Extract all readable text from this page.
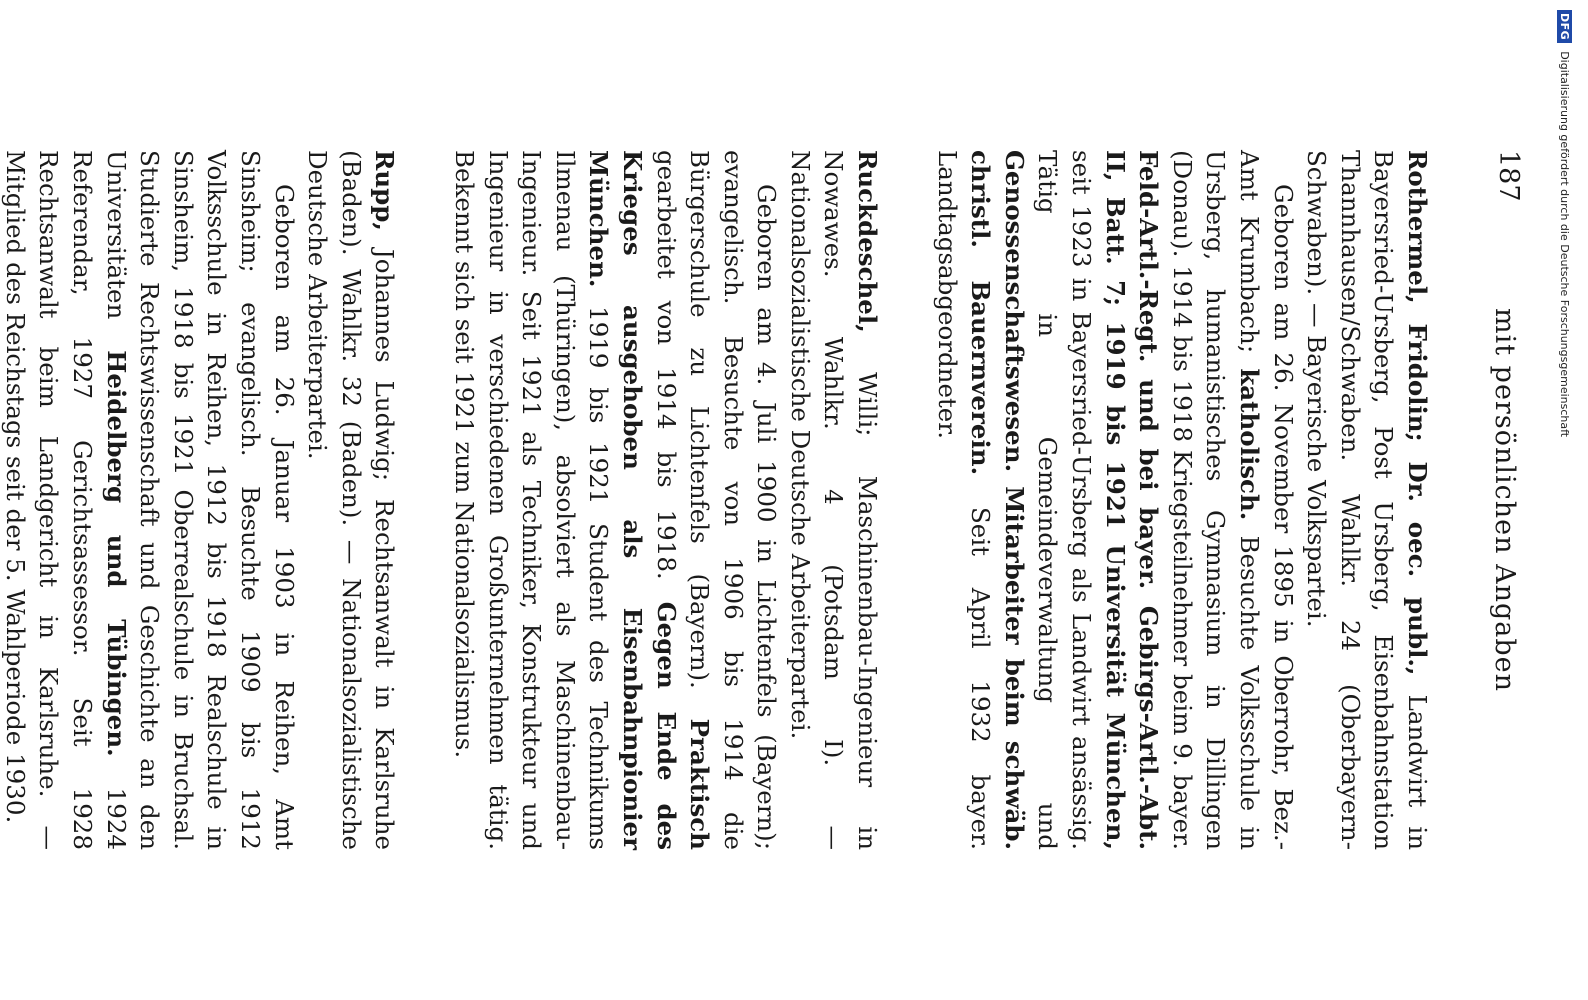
187
mit persönlichen Angaben

Rothermel, Fridolin; Dr. oec. publ., Landwirt in Bayersried-Ursberg, Post Ursberg, Eisenbahnstation Thannhausen/Schwaben. Wahlkr. 24 (Oberbayern-Schwaben). — Bayerische Volkspartei.

Geboren am 26. November 1895 in Oberrohr, Bez.-Amt Krumbach; katholisch. Besuchte Volksschule in Ursberg, humanistisches Gymnasium in Dillingen (Donau). 1914 bis 1918 Kriegsteilnehmer beim 9. bayer. Feld-Artl.-Regt. und bei bayer. Gebirgs-Artl.-Abt. II, Batt. 7; 1919 bis 1921 Universität München, seit 1923 in Bayersried-Ursberg als Landwirt ansässig. Tätig in Gemeindeverwaltung und Genossenschaftswesen. Mitarbeiter beim schwäb. christl. Bauernverein. Seit April 1932 bayer. Landtagsabgeordneter.

Ruckdeschel, Willi; Maschinenbau-Ingenieur in Nowawes. Wahlkr. 4 (Potsdam I). — Nationalsozialistische Deutsche Arbeiterpartei.

Geboren am 4. Juli 1900 in Lichtenfels (Bayern); evangelisch. Besuchte von 1906 bis 1914 die Bürgerschule zu Lichtenfels (Bayern). Praktisch gearbeitet von 1914 bis 1918. Gegen Ende des Krieges ausgehoben als Eisenbahnpionier München. 1919 bis 1921 Student des Technikums Ilmenau (Thüringen), absolviert als Maschinenbau-Ingenieur. Seit 1921 als Techniker, Konstrukteur und Ingenieur in verschiedenen Großunternehmen tätig. Bekennt sich seit 1921 zum Nationalsozialismus.

Rupp, Johannes Ludwig; Rechtsanwalt in Karlsruhe (Baden). Wahlkr. 32 (Baden). — Nationalsozialistische Deutsche Arbeiterpartei.

Geboren am 26. Januar 1903 in Reihen, Amt Sinsheim; evangelisch. Besuchte 1909 bis 1912 Volksschule in Reihen, 1912 bis 1918 Realschule in Sinsheim, 1918 bis 1921 Oberrealschule in Bruchsal. Studierte Rechtswissenschaft und Geschichte an den Universitäten Heidelberg und Tübingen. 1924 Referendar, 1927 Gerichtsassessor. Seit 1928 Rechtsanwalt beim Landgericht in Karlsruhe. — Mitglied des Reichstags seit der 5. Wahlperiode 1930.

DFG
Digitalisierung gefördert durch die Deutsche Forschungsgemeinschaft
